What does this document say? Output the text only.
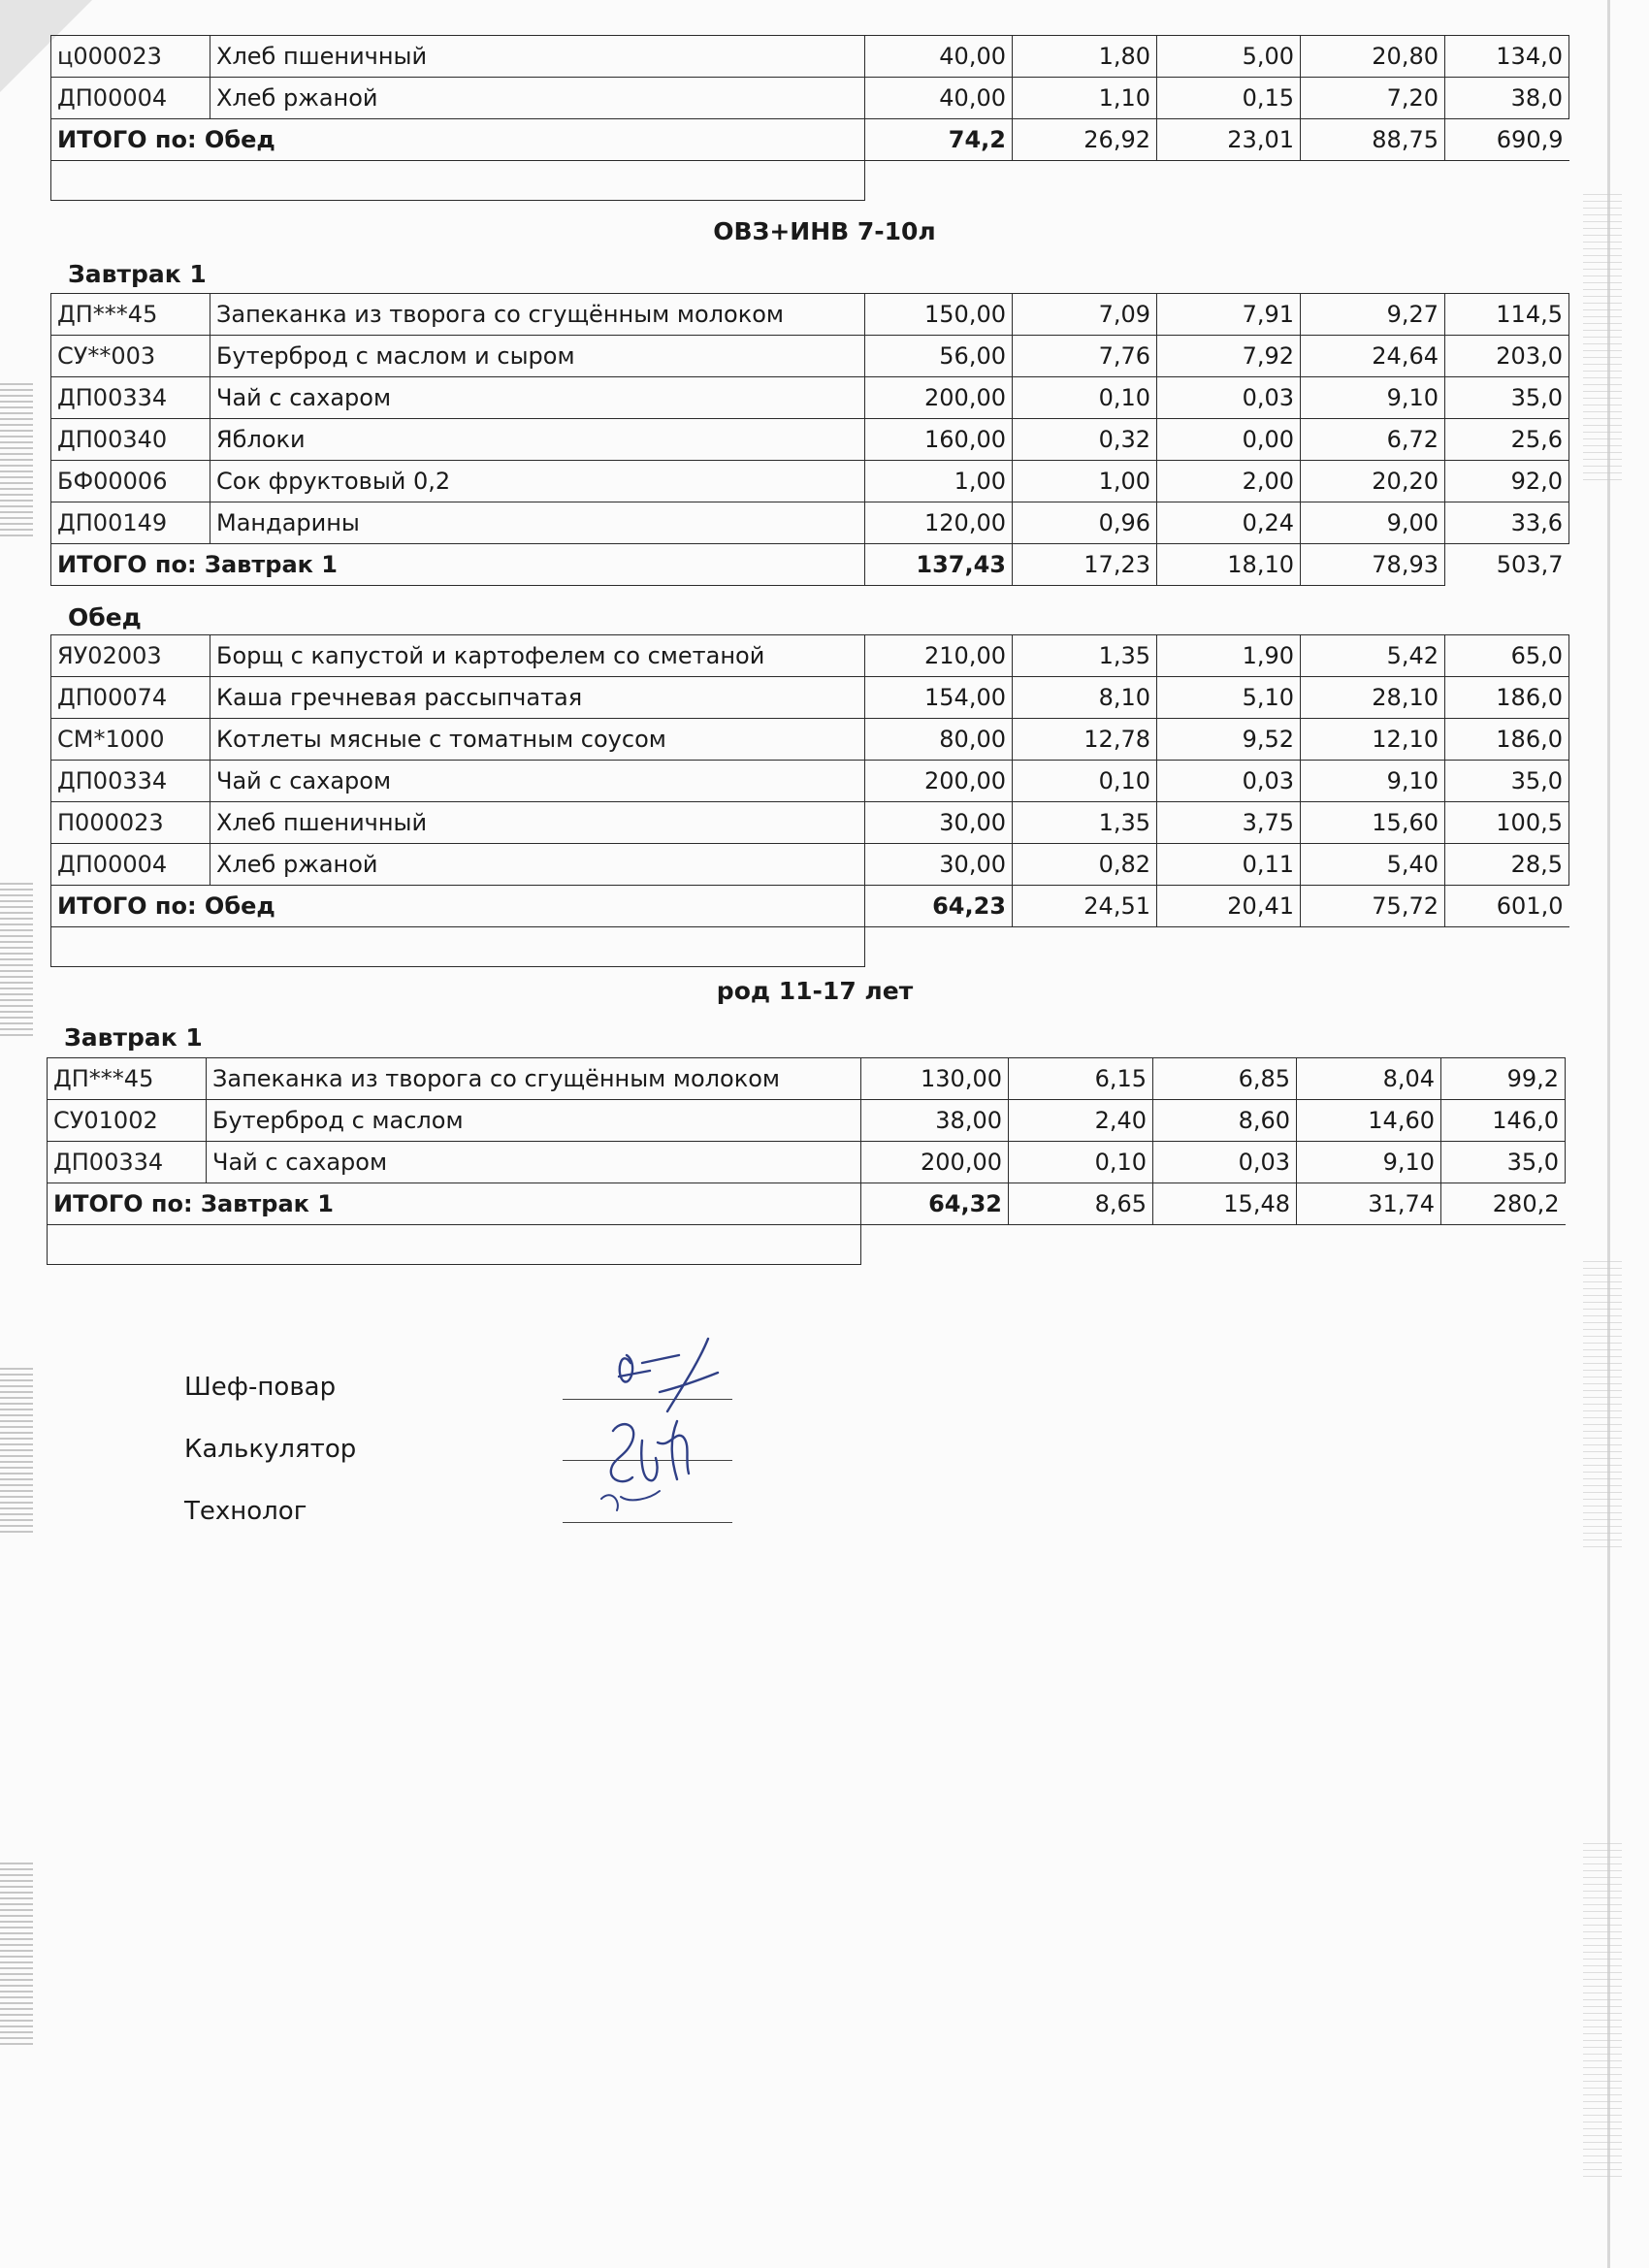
ц000023	Хлеб пшеничный	40,00	1,80	5,00	20,80	134,0
ДП00004	Хлеб ржаной	40,00	1,10	0,15	7,20	38,0
ИТОГО по: Обед		74,2	26,92	23,01	88,75	690,9

ОВЗ+ИНВ 7-10л
Завтрак 1
ДП***45	Запеканка из творога со сгущённым молоком	150,00	7,09	7,91	9,27	114,5
СУ**003	Бутерброд с маслом и сыром	56,00	7,76	7,92	24,64	203,0
ДП00334	Чай с сахаром	200,00	0,10	0,03	9,10	35,0
ДП00340	Яблоки	160,00	0,32	0,00	6,72	25,6
БФ00006	Сок фруктовый 0,2	1,00	1,00	2,00	20,20	92,0
ДП00149	Мандарины	120,00	0,96	0,24	9,00	33,6
ИТОГО по: Завтрак 1		137,43	17,23	18,10	78,93	503,7
Обед
ЯУ02003	Борщ с капустой и картофелем со сметаной	210,00	1,35	1,90	5,42	65,0
ДП00074	Каша гречневая рассыпчатая	154,00	8,10	5,10	28,10	186,0
СМ*1000	Котлеты мясные с томатным соусом	80,00	12,78	9,52	12,10	186,0
ДП00334	Чай с сахаром	200,00	0,10	0,03	9,10	35,0
П000023	Хлеб пшеничный	30,00	1,35	3,75	15,60	100,5
ДП00004	Хлеб ржаной	30,00	0,82	0,11	5,40	28,5
ИТОГО по: Обед		64,23	24,51	20,41	75,72	601,0

род 11-17 лет
Завтрак 1
ДП***45	Запеканка из творога со сгущённым молоком	130,00	6,15	6,85	8,04	99,2
СУ01002	Бутерброд с маслом	38,00	2,40	8,60	14,60	146,0
ДП00334	Чай с сахаром	200,00	0,10	0,03	9,10	35,0
ИТОГО по: Завтрак 1		64,32	8,65	15,48	31,74	280,2

Шеф-повар
Калькулятор
Технолог
